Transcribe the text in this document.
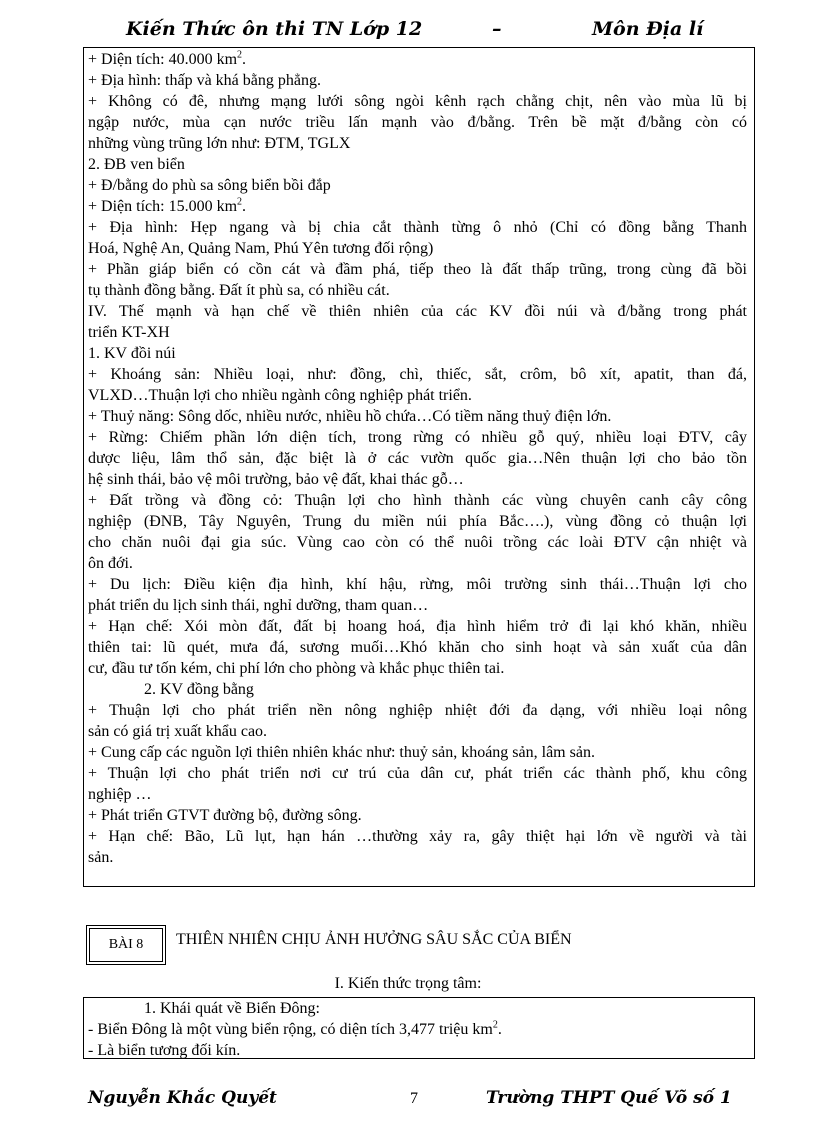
Kiến Thức ôn thi TN Lớp 12	–	Môn Địa lí
+ Diện tích: 40.000 $km^2$.
+ Địa hình: thấp và khá bằng phẳng.
+ Không có đê, nhưng mạng lưới sông ngòi kênh rạch chằng chịt, nên vào mùa lũ bị
ngập nước, mùa cạn nước triều lấn mạnh vào đ/bằng. Trên bề mặt đ/bằng còn có
những vùng trũng lớn như: ĐTM, TGLX
2. ĐB ven biển
+ Đ/bằng do phù sa sông biển bồi đắp
+ Diện tích: 15.000 $km^2$.
+ Địa hình: Hẹp ngang và bị chia cắt thành từng ô nhỏ (Chỉ có đồng bằng Thanh
Hoá, Nghệ An, Quảng Nam, Phú Yên tương đối rộng)
+ Phần giáp biển có cồn cát và đầm phá, tiếp theo là đất thấp trũng, trong cùng đã bồi
tụ thành đồng bằng. Đất ít phù sa, có nhiều cát.
IV. Thế mạnh và hạn chế về thiên nhiên của các KV đồi núi và đ/bằng trong phát
triển KT-XH
1. KV đồi núi
+ Khoáng sản: Nhiều loại, như: đồng, chì, thiếc, sắt, crôm, bô xít, apatit, than đá,
VLXD…Thuận lợi cho nhiều ngành công nghiệp phát triển.
+ Thuỷ năng: Sông dốc, nhiều nước, nhiều hồ chứa…Có tiềm năng thuỷ điện lớn.
+ Rừng: Chiếm phần lớn diện tích, trong rừng có nhiều gỗ quý, nhiều loại ĐTV, cây
dược liệu, lâm thổ sản, đặc biệt là ở các vườn quốc gia…Nên thuận lợi cho bảo tồn
hệ sinh thái, bảo vệ môi trường, bảo vệ đất, khai thác gỗ…
+ Đất trồng và đồng cỏ: Thuận lợi cho hình thành các vùng chuyên canh cây công
nghiệp (ĐNB, Tây Nguyên, Trung du miền núi phía Bắc….), vùng đồng cỏ thuận lợi
cho chăn nuôi đại gia súc. Vùng cao còn có thể nuôi trồng các loài ĐTV cận nhiệt và
ôn đới.
+ Du lịch: Điều kiện địa hình, khí hậu, rừng, môi trường sinh thái…Thuận lợi cho
phát triển du lịch sinh thái, nghỉ dưỡng, tham quan…
+ Hạn chế: Xói mòn đất, đất bị hoang hoá, địa hình hiểm trở đi lại khó khăn, nhiều
thiên tai: lũ quét, mưa đá, sương muối…Khó khăn cho sinh hoạt và sản xuất của dân
cư, đầu tư tốn kém, chi phí lớn cho phòng và khắc phục thiên tai.
2. KV đồng bằng
+ Thuận lợi cho phát triển nền nông nghiệp nhiệt đới đa dạng, với nhiều loại nông
sản có giá trị xuất khẩu cao.
+ Cung cấp các nguồn lợi thiên nhiên khác như: thuỷ sản, khoáng sản, lâm sản.
+ Thuận lợi cho phát triển nơi cư trú của dân cư, phát triển các thành phố, khu công
nghiệp …
+ Phát triển GTVT đường bộ, đường sông.
+ Hạn chế: Bão, Lũ lụt, hạn hán …thường xảy ra, gây thiệt hại lớn về người và tài
sản.
BÀI 8	THIÊN NHIÊN CHỊU ẢNH HƯỞNG SÂU SẮC CỦA BIỂN
I. Kiến thức trọng tâm:
1. Khái quát về Biển Đông:
- Biển Đông là một vùng biển rộng, có diện tích 3,477 triệu $km^2$.
- Là biển tương đối kín.
Nguyễn Khắc Quyết	7	Trường THPT Quế Võ số 1
